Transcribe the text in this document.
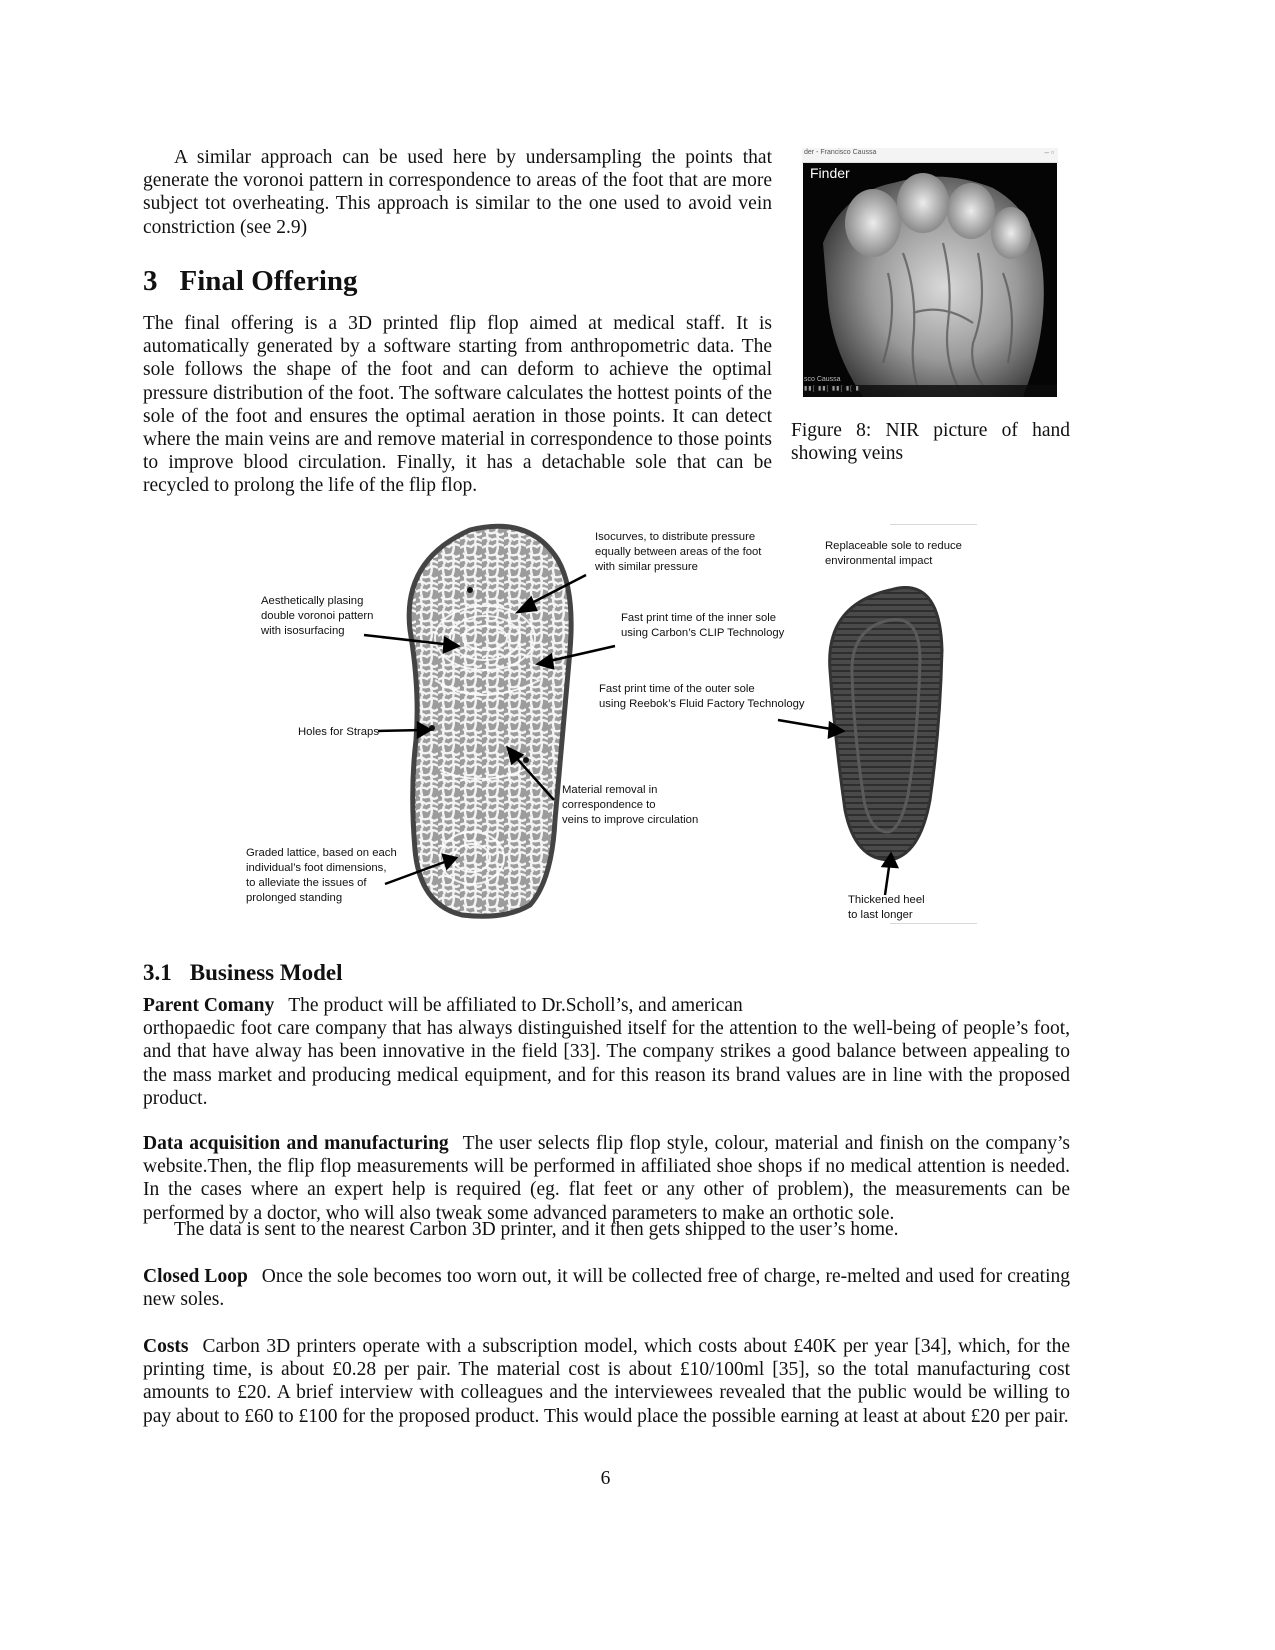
A similar approach can be used here by undersampling the points that generate the voronoi pattern in correspondence to areas of the foot that are more subject tot overheating. This approach is similar to the one used to avoid vein constriction (see 2.9)
3 Final Offering
The final offering is a 3D printed flip flop aimed at medical staff. It is automatically generated by a software starting from anthropometric data. The sole follows the shape of the foot and can deform to achieve the optimal pressure distribution of the foot. The software calculates the hottest points of the sole of the foot and ensures the optimal aeration in those points. It can detect where the main veins are and remove material in correspondence to those points to improve blood circulation. Finally, it has a detachable sole that can be recycled to prolong the life of the flip flop.
der - Francisco Caussa	– ▫
Finder
sco Caussa
▮▮[ ▮▮[ ▮▮[ ▮[ ▮
Figure 8: NIR picture of hand showing veins
Isocurves, to distribute pressure
equally between areas of the foot
with similar pressure
Replaceable sole to reduce
environmental impact
Aesthetically plasing
double voronoi pattern
with isosurfacing
Fast print time of the inner sole
using Carbon’s CLIP Technology
Fast print time of the outer sole
using Reebok’s Fluid Factory Technology
Holes for Straps
Material removal in
correspondence to
veins to improve circulation
Graded lattice, based on each
individual’s foot dimensions,
to alleviate the issues of
prolonged standing	Thickened heel
to last longer
3.1 Business Model
Parent Comany The product will be affiliated to Dr.Scholl’s, and american
orthopaedic foot care company that has always distinguished itself for the attention to the well-being of people’s foot, and that have alway has been innovative in the field [33]. The company strikes a good balance between appealing to the mass market and producing medical equipment, and for this reason its brand values are in line with the proposed product.
Data acquisition and manufacturing The user selects flip flop style, colour, material and finish on the company’s website.Then, the flip flop measurements will be performed in affiliated shoe shops if no medical attention is needed. In the cases where an expert help is required (eg. flat feet or any other of problem), the measurements can be performed by a doctor, who will also tweak some advanced parameters to make an orthotic sole.
The data is sent to the nearest Carbon 3D printer, and it then gets shipped to the user’s home.
Closed Loop Once the sole becomes too worn out, it will be collected free of charge, re-melted and used for creating new soles.
Costs Carbon 3D printers operate with a subscription model, which costs about £40K per year [34], which, for the printing time, is about £0.28 per pair. The material cost is about £10/100ml [35], so the total manufacturing cost amounts to £20. A brief interview with colleagues and the interviewees revealed that the public would be willing to pay about to £60 to £100 for the proposed product. This would place the possible earning at least at about £20 per pair.
6
